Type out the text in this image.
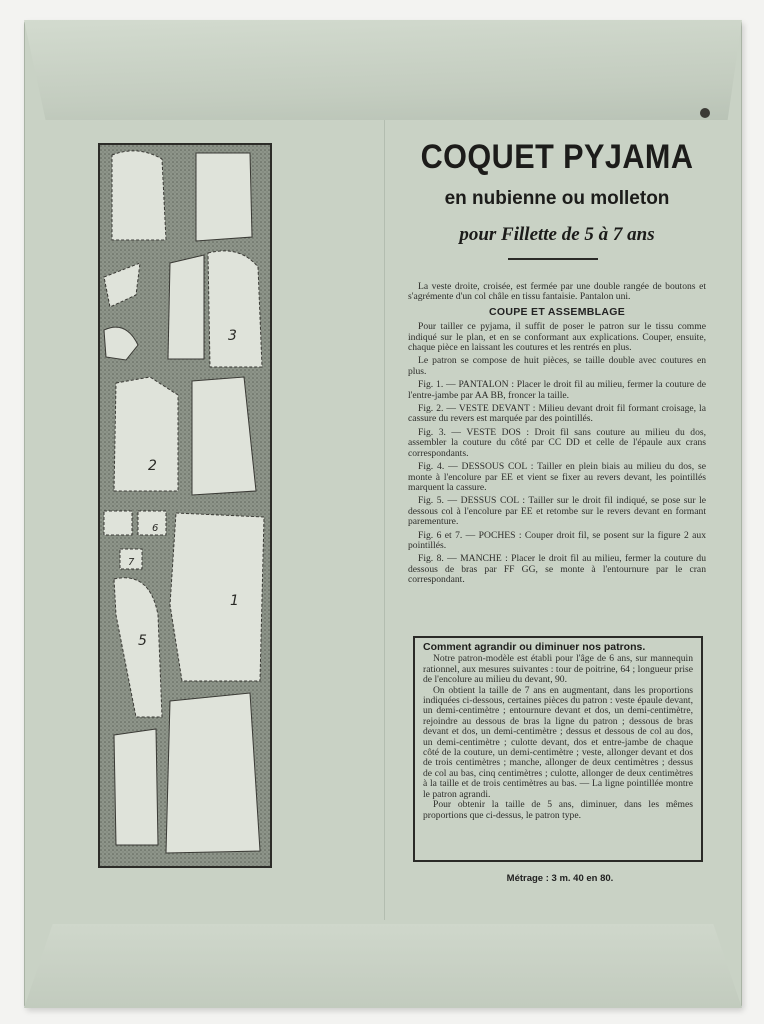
1
2
3
5
6
7
COQUET PYJAMA
en nubienne ou molleton
pour Fillette de 5 à 7 ans

La veste droite, croisée, est fermée par une double rangée de boutons et s'agrémente d'un col châle en tissu fantaisie. Pantalon uni.

COUPE ET ASSEMBLAGE

Pour tailler ce pyjama, il suffit de poser le patron sur le tissu comme indiqué sur le plan, et en se conformant aux explications. Couper, ensuite, chaque pièce en laissant les coutures et les rentrés en plus.

Le patron se compose de huit pièces, se taille double avec coutures en plus.

Fig. 1. — PANTALON : Placer le droit fil au milieu, fermer la couture de l'entre-jambe par AA BB, froncer la taille.

Fig. 2. — VESTE DEVANT : Milieu devant droit fil formant croisage, la cassure du revers est marquée par des pointillés.

Fig. 3. — VESTE DOS : Droit fil sans couture au milieu du dos, assembler la couture du côté par CC DD et celle de l'épaule aux crans correspondants.

Fig. 4. — DESSOUS COL : Tailler en plein biais au milieu du dos, se monte à l'encolure par EE et vient se fixer au revers devant, les pointillés marquent la cassure.

Fig. 5. — DESSUS COL : Tailler sur le droit fil indiqué, se pose sur le dessous col à l'encolure par EE et retombe sur le revers devant en formant parementure.

Fig. 6 et 7. — POCHES : Couper droit fil, se posent sur la figure 2 aux pointillés.

Fig. 8. — MANCHE : Placer le droit fil au milieu, fermer la couture du dessous de bras par FF GG, se monte à l'entournure par le cran correspondant.

Comment agrandir ou diminuer nos patrons.

Notre patron-modèle est établi pour l'âge de 6 ans, sur mannequin rationnel, aux mesures suivantes : tour de poitrine, 64 ; longueur prise de l'encolure au milieu du devant, 90.

On obtient la taille de 7 ans en augmentant, dans les proportions indiquées ci-dessous, certaines pièces du patron : veste épaule devant, un demi-centimètre ; entournure devant et dos, un demi-centimètre, rejoindre au dessous de bras la ligne du patron ; dessous de bras devant et dos, un demi-centimètre ; dessus et dessous de col au dos, un demi-centimètre ; culotte devant, dos et entre-jambe de chaque côté de la couture, un demi-centimètre ; veste, allonger devant et dos de trois centimètres ; manche, allonger de deux centimètres ; dessus de col au bas, cinq centimètres ; culotte, allonger de deux centimètres à la taille et de trois centimètres au bas. — La ligne pointillée montre le patron agrandi.

Pour obtenir la taille de 5 ans, diminuer, dans les mêmes proportions que ci-dessus, le patron type.

Métrage : 3 m. 40 en 80.
